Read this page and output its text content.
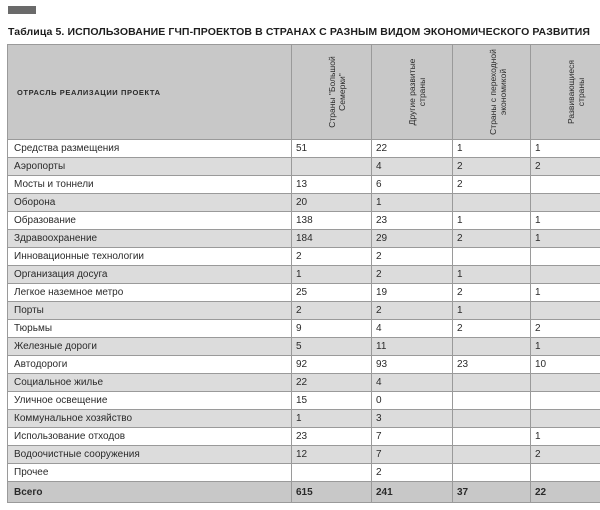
Таблица 5. ИСПОЛЬЗОВАНИЕ ГЧП-ПРОЕКТОВ В СТРАНАХ С РАЗНЫМ ВИДОМ ЭКОНОМИЧЕСКОГО РАЗВИТИЯ
ОТРАСЛЬ РЕАЛИЗАЦИИ ПРОЕКТА	Страны "Большой Семерки"	Другие развитые страны	Страны с переходной экономикой	Развивающиеся страны
Средства размещения	51	22	1	1
Аэропорты		4	2	2
Мосты и тоннели	13	6	2	
Оборона	20	1		
Образование	138	23	1	1
Здравоохранение	184	29	2	1
Инновационные технологии	2	2		
Организация досуга	1	2	1	
Легкое наземное метро	25	19	2	1
Порты	2	2	1	
Тюрьмы	9	4	2	2
Железные дороги	5	11		1
Автодороги	92	93	23	10
Социальное жилье	22	4		
Уличное освещение	15	0		
Коммунальное хозяйство	1	3		
Использование отходов	23	7		1
Водоочистные сооружения	12	7		2
Прочее		2		
Всего	615	241	37	22
